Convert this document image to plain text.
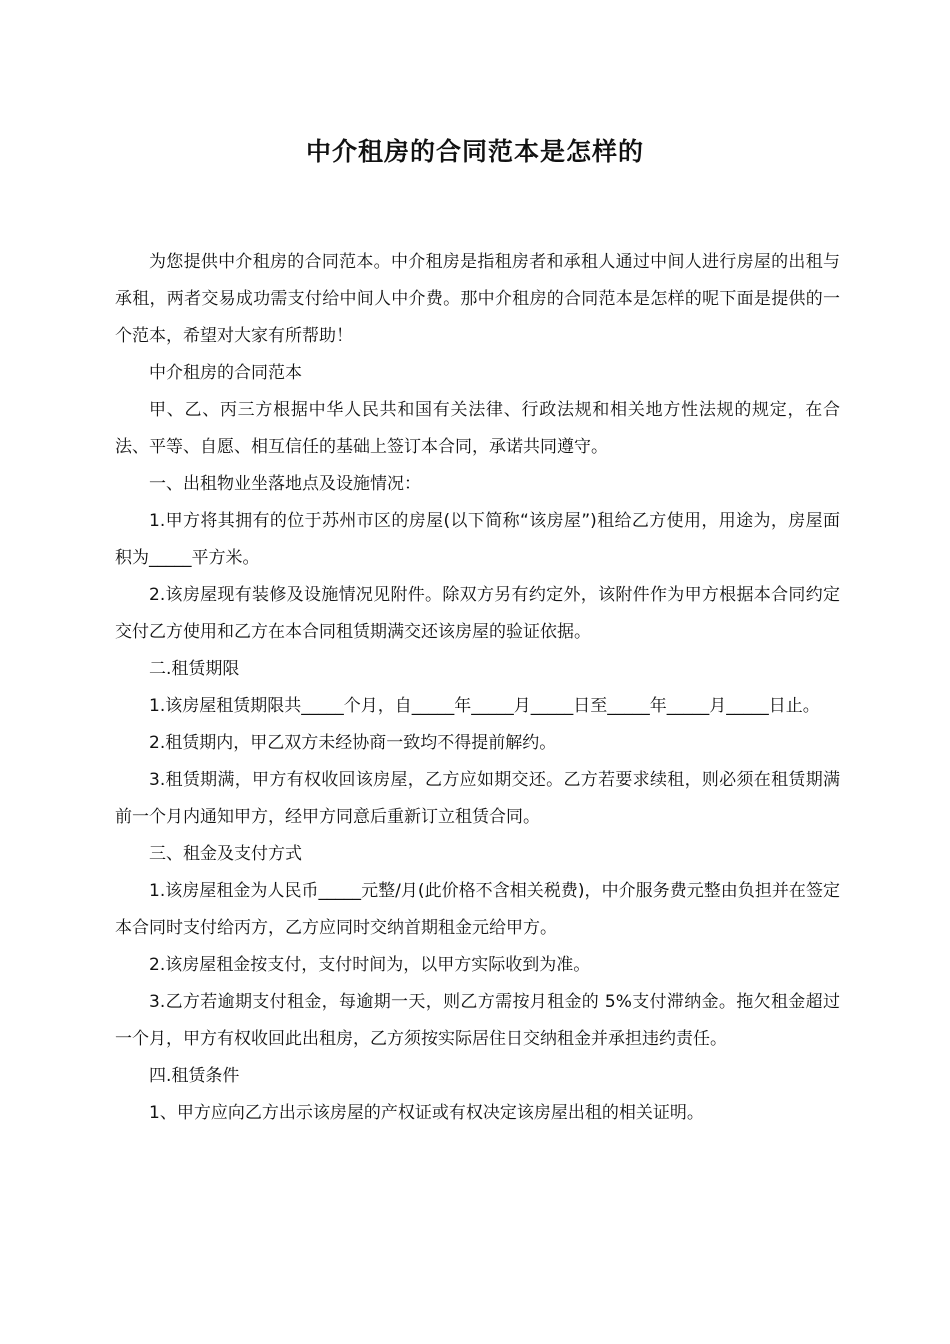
中介租房的合同范本是怎样的

为您提供中介租房的合同范本。中介租房是指租房者和承租人通过中间人进行房屋的出租与承租，两者交易成功需支付给中间人中介费。那中介租房的合同范本是怎样的呢下面是提供的一个范本，希望对大家有所帮助！

中介租房的合同范本

甲、乙、丙三方根据中华人民共和国有关法律、行政法规和相关地方性法规的规定，在合法、平等、自愿、相互信任的基础上签订本合同，承诺共同遵守。

一、出租物业坐落地点及设施情况：

1.甲方将其拥有的位于苏州市区的房屋(以下简称“该房屋”)租给乙方使用，用途为，房屋面积为_____平方米。

2.该房屋现有装修及设施情况见附件。除双方另有约定外，该附件作为甲方根据本合同约定交付乙方使用和乙方在本合同租赁期满交还该房屋的验证依据。

二.租赁期限

1.该房屋租赁期限共_____个月，自_____年_____月_____日至_____年_____月_____日止。

2.租赁期内，甲乙双方未经协商一致均不得提前解约。

3.租赁期满，甲方有权收回该房屋，乙方应如期交还。乙方若要求续租，则必须在租赁期满前一个月内通知甲方，经甲方同意后重新订立租赁合同。

三、租金及支付方式

1.该房屋租金为人民币_____元整/月(此价格不含相关税费)，中介服务费元整由负担并在签定本合同时支付给丙方，乙方应同时交纳首期租金元给甲方。

2.该房屋租金按支付，支付时间为，以甲方实际收到为准。

3.乙方若逾期支付租金，每逾期一天，则乙方需按月租金的 5%支付滞纳金。拖欠租金超过一个月，甲方有权收回此出租房，乙方须按实际居住日交纳租金并承担违约责任。

四.租赁条件

1、甲方应向乙方出示该房屋的产权证或有权决定该房屋出租的相关证明。
